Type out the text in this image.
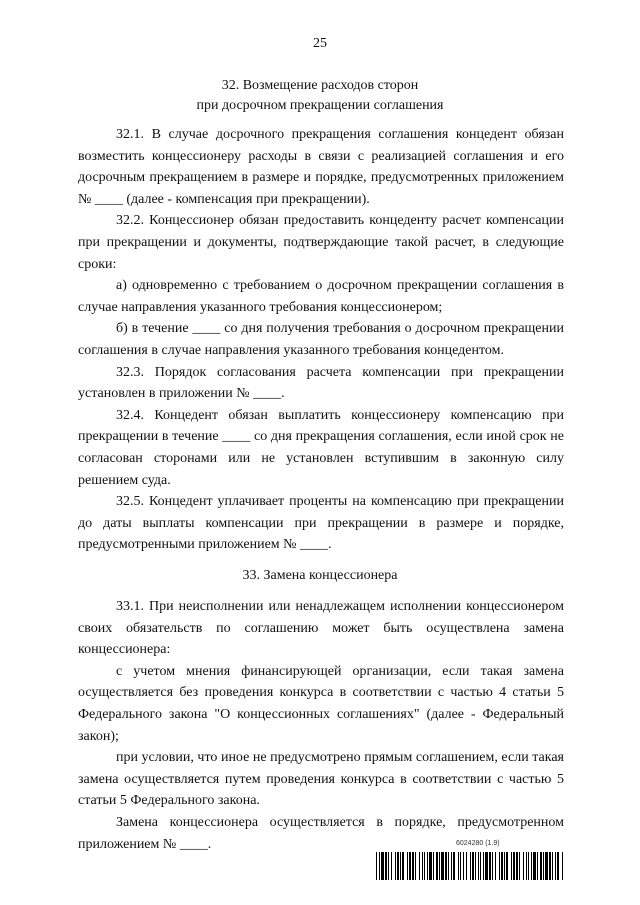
25
32. Возмещение расходов сторон
при досрочном прекращении соглашения

32.1. В случае досрочного прекращения соглашения концедент обязан возместить концессионеру расходы в связи с реализацией соглашения и его досрочным прекращением в размере и порядке, предусмотренных приложением № ____ (далее - компенсация при прекращении).

32.2. Концессионер обязан предоставить концеденту расчет компенсации при прекращении и документы, подтверждающие такой расчет, в следующие сроки:

а) одновременно с требованием о досрочном прекращении соглашения в случае направления указанного требования концессионером;

б) в течение ____ со дня получения требования о досрочном прекращении соглашения в случае направления указанного требования концедентом.

32.3. Порядок согласования расчета компенсации при прекращении установлен в приложении № ____.

32.4. Концедент обязан выплатить концессионеру компенсацию при прекращении в течение ____ со дня прекращения соглашения, если иной срок не согласован сторонами или не установлен вступившим в законную силу решением суда.

32.5. Концедент уплачивает проценты на компенсацию при прекращении до даты выплаты компенсации при прекращении в размере и порядке, предусмотренными приложением № ____.

33. Замена концессионера

33.1. При неисполнении или ненадлежащем исполнении концессионером своих обязательств по соглашению может быть осуществлена замена концессионера:

с учетом мнения финансирующей организации, если такая замена осуществляется без проведения конкурса в соответствии с частью 4 статьи 5 Федерального закона "О концессионных соглашениях" (далее - Федеральный закон);

при условии, что иное не предусмотрено прямым соглашением, если такая замена осуществляется путем проведения конкурса в соответствии с частью 5 статьи 5 Федерального закона.

Замена концессионера осуществляется в порядке, предусмотренном приложением № ____.	6024280 (1.9)
